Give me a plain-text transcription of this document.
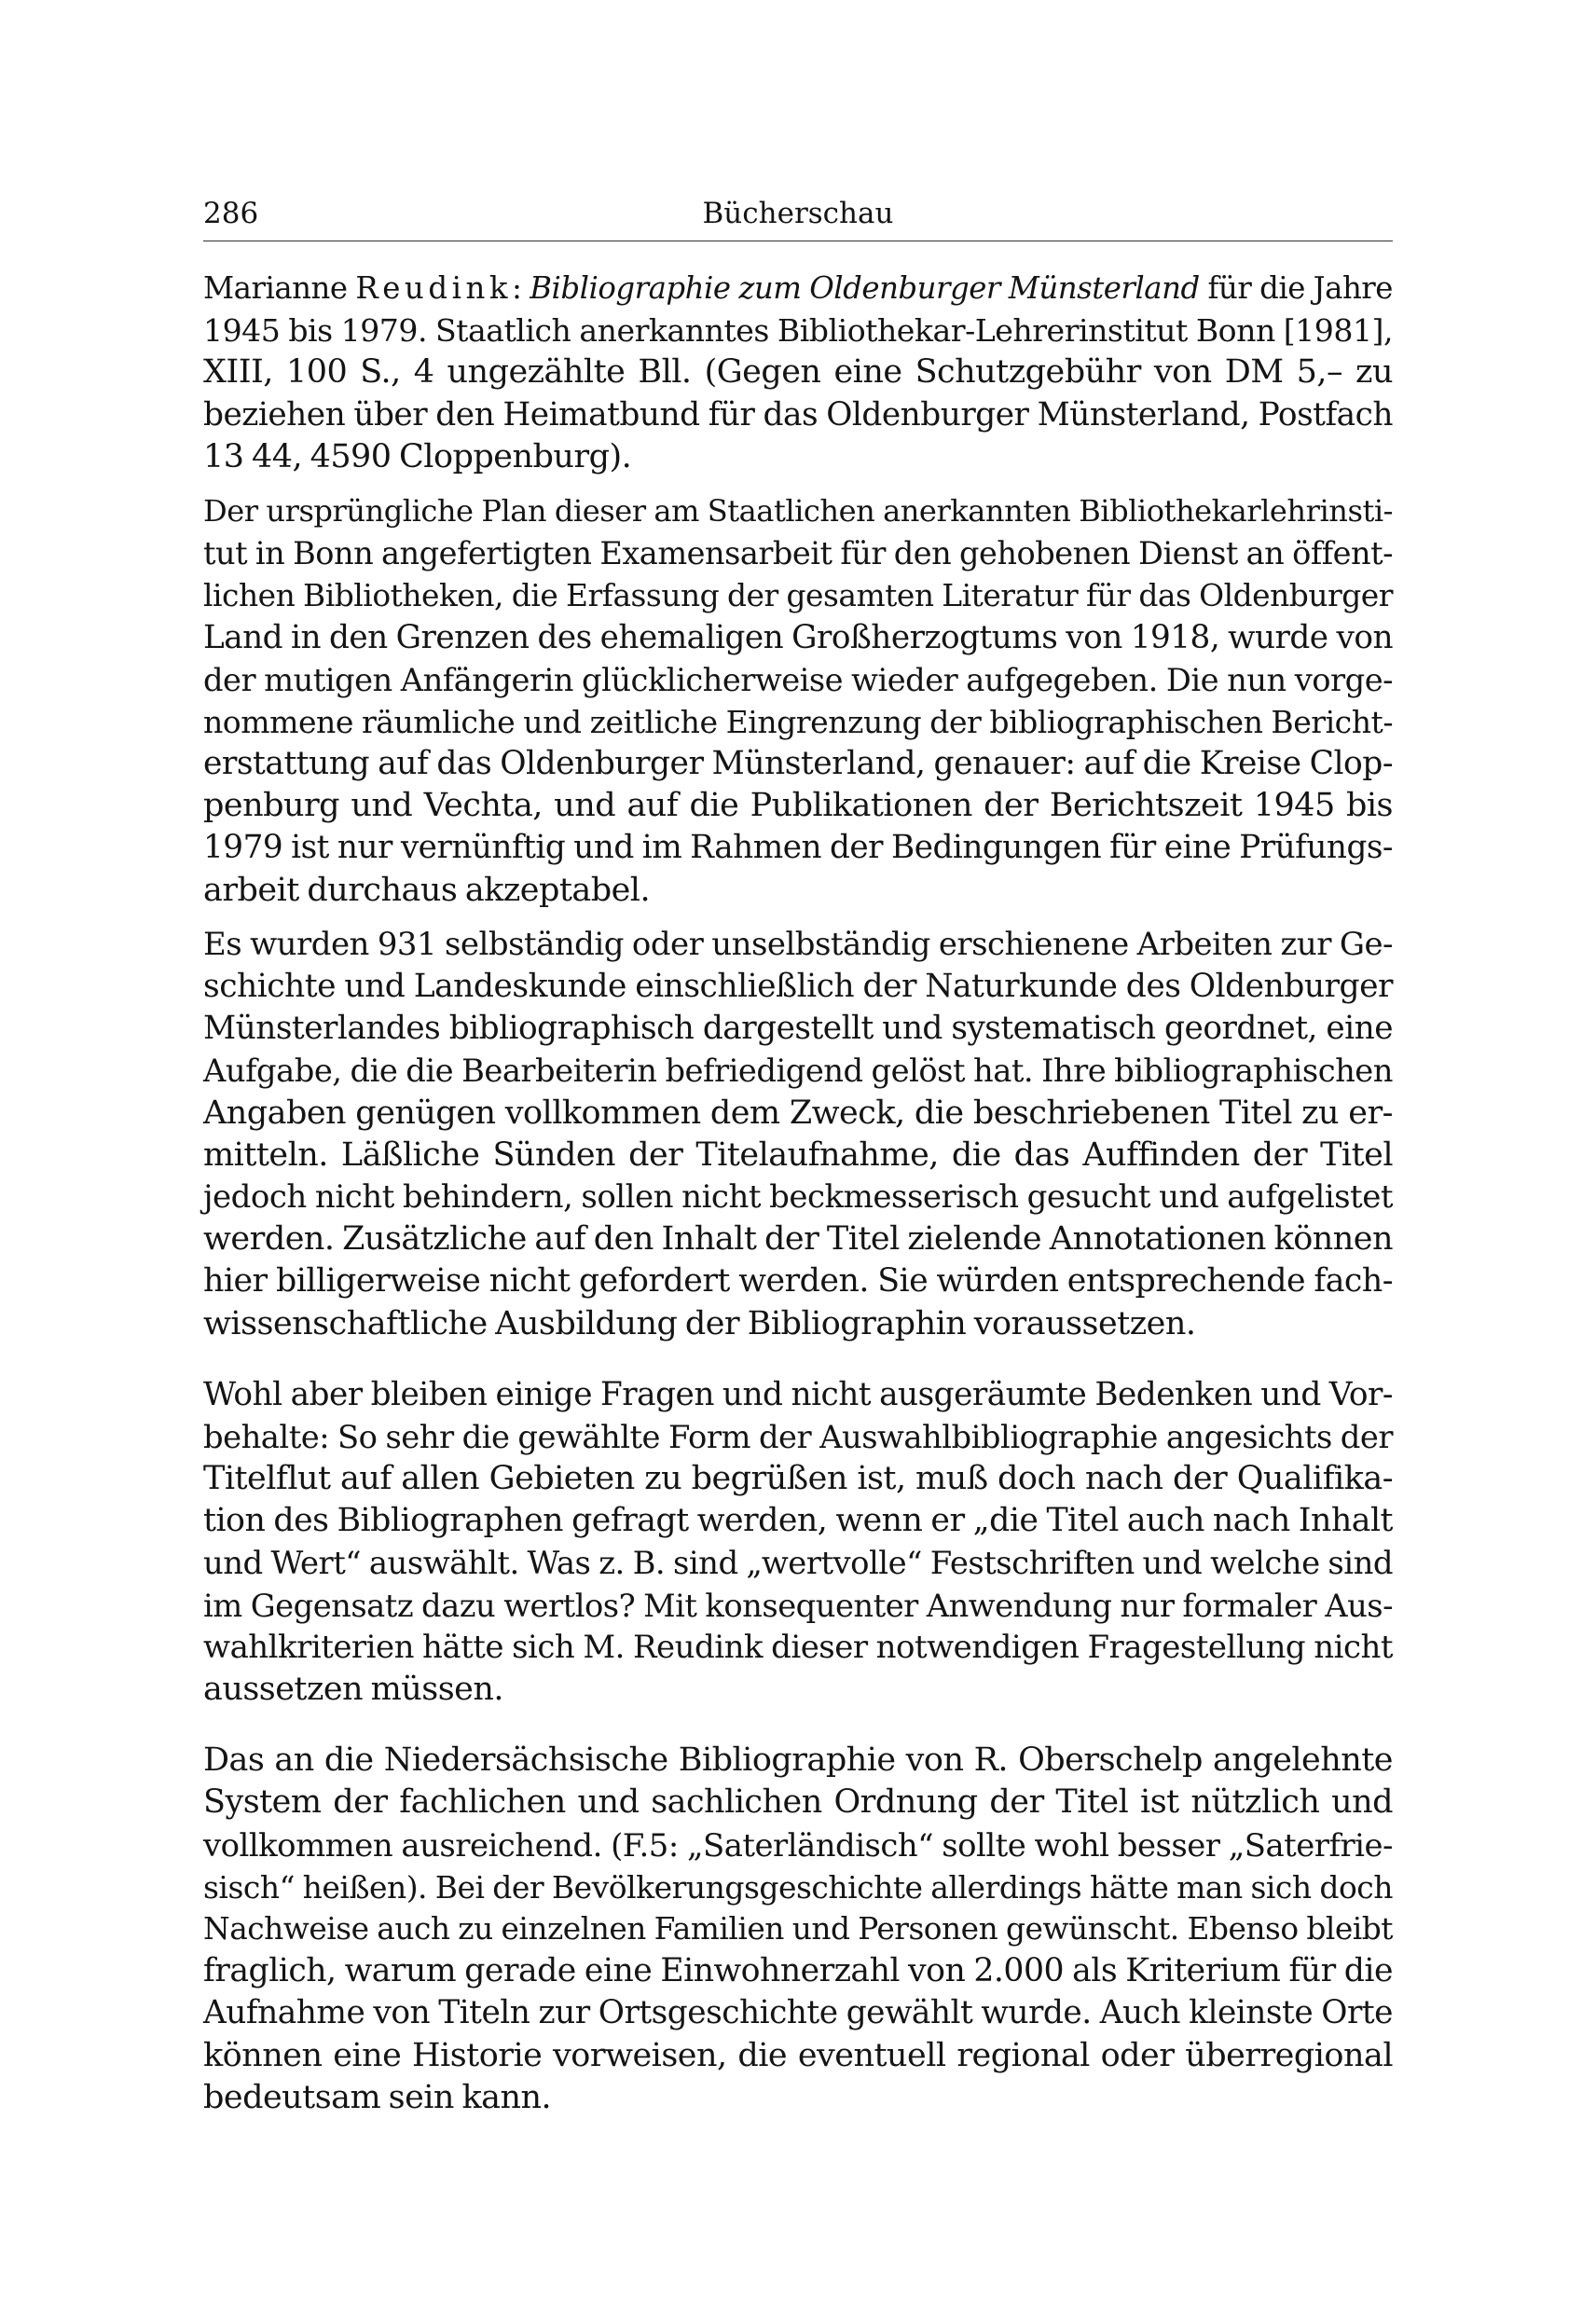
286	Bücherschau
Marianne Reudink: Bibliographie zum Oldenburger Münsterland für die Jahre
1945 bis 1979. Staatlich anerkanntes Bibliothekar-Lehrerinstitut Bonn [1981],
XIII, 100 S., 4 ungezählte Bll. (Gegen eine Schutzgebühr von DM 5,– zu
beziehen über den Heimatbund für das Oldenburger Münsterland, Postfach
13 44, 4590 Cloppenburg).
Der ursprüngliche Plan dieser am Staatlichen anerkannten Bibliothekarlehrinsti-
tut in Bonn angefertigten Examensarbeit für den gehobenen Dienst an öffent-
lichen Bibliotheken, die Erfassung der gesamten Literatur für das Oldenburger
Land in den Grenzen des ehemaligen Großherzogtums von 1918, wurde von
der mutigen Anfängerin glücklicherweise wieder aufgegeben. Die nun vorge-
nommene räumliche und zeitliche Eingrenzung der bibliographischen Bericht-
erstattung auf das Oldenburger Münsterland, genauer: auf die Kreise Clop-
penburg und Vechta, und auf die Publikationen der Berichtszeit 1945 bis
1979 ist nur vernünftig und im Rahmen der Bedingungen für eine Prüfungs-
arbeit durchaus akzeptabel.
Es wurden 931 selbständig oder unselbständig erschienene Arbeiten zur Ge-
schichte und Landeskunde einschließlich der Naturkunde des Oldenburger
Münsterlandes bibliographisch dargestellt und systematisch geordnet, eine
Aufgabe, die die Bearbeiterin befriedigend gelöst hat. Ihre bibliographischen
Angaben genügen vollkommen dem Zweck, die beschriebenen Titel zu er-
mitteln. Läßliche Sünden der Titelaufnahme, die das Auffinden der Titel
jedoch nicht behindern, sollen nicht beckmesserisch gesucht und aufgelistet
werden. Zusätzliche auf den Inhalt der Titel zielende Annotationen können
hier billigerweise nicht gefordert werden. Sie würden entsprechende fach-
wissenschaftliche Ausbildung der Bibliographin voraussetzen.
Wohl aber bleiben einige Fragen und nicht ausgeräumte Bedenken und Vor-
behalte: So sehr die gewählte Form der Auswahlbibliographie angesichts der
Titelflut auf allen Gebieten zu begrüßen ist, muß doch nach der Qualifika-
tion des Bibliographen gefragt werden, wenn er „die Titel auch nach Inhalt
und Wert“ auswählt. Was z. B. sind „wertvolle“ Festschriften und welche sind
im Gegensatz dazu wertlos? Mit konsequenter Anwendung nur formaler Aus-
wahlkriterien hätte sich M. Reudink dieser notwendigen Fragestellung nicht
aussetzen müssen.
Das an die Niedersächsische Bibliographie von R. Oberschelp angelehnte
System der fachlichen und sachlichen Ordnung der Titel ist nützlich und
vollkommen ausreichend. (F.5: „Saterländisch“ sollte wohl besser „Saterfrie-
sisch“ heißen). Bei der Bevölkerungsgeschichte allerdings hätte man sich doch
Nachweise auch zu einzelnen Familien und Personen gewünscht. Ebenso bleibt
fraglich, warum gerade eine Einwohnerzahl von 2.000 als Kriterium für die
Aufnahme von Titeln zur Ortsgeschichte gewählt wurde. Auch kleinste Orte
können eine Historie vorweisen, die eventuell regional oder überregional
bedeutsam sein kann.
